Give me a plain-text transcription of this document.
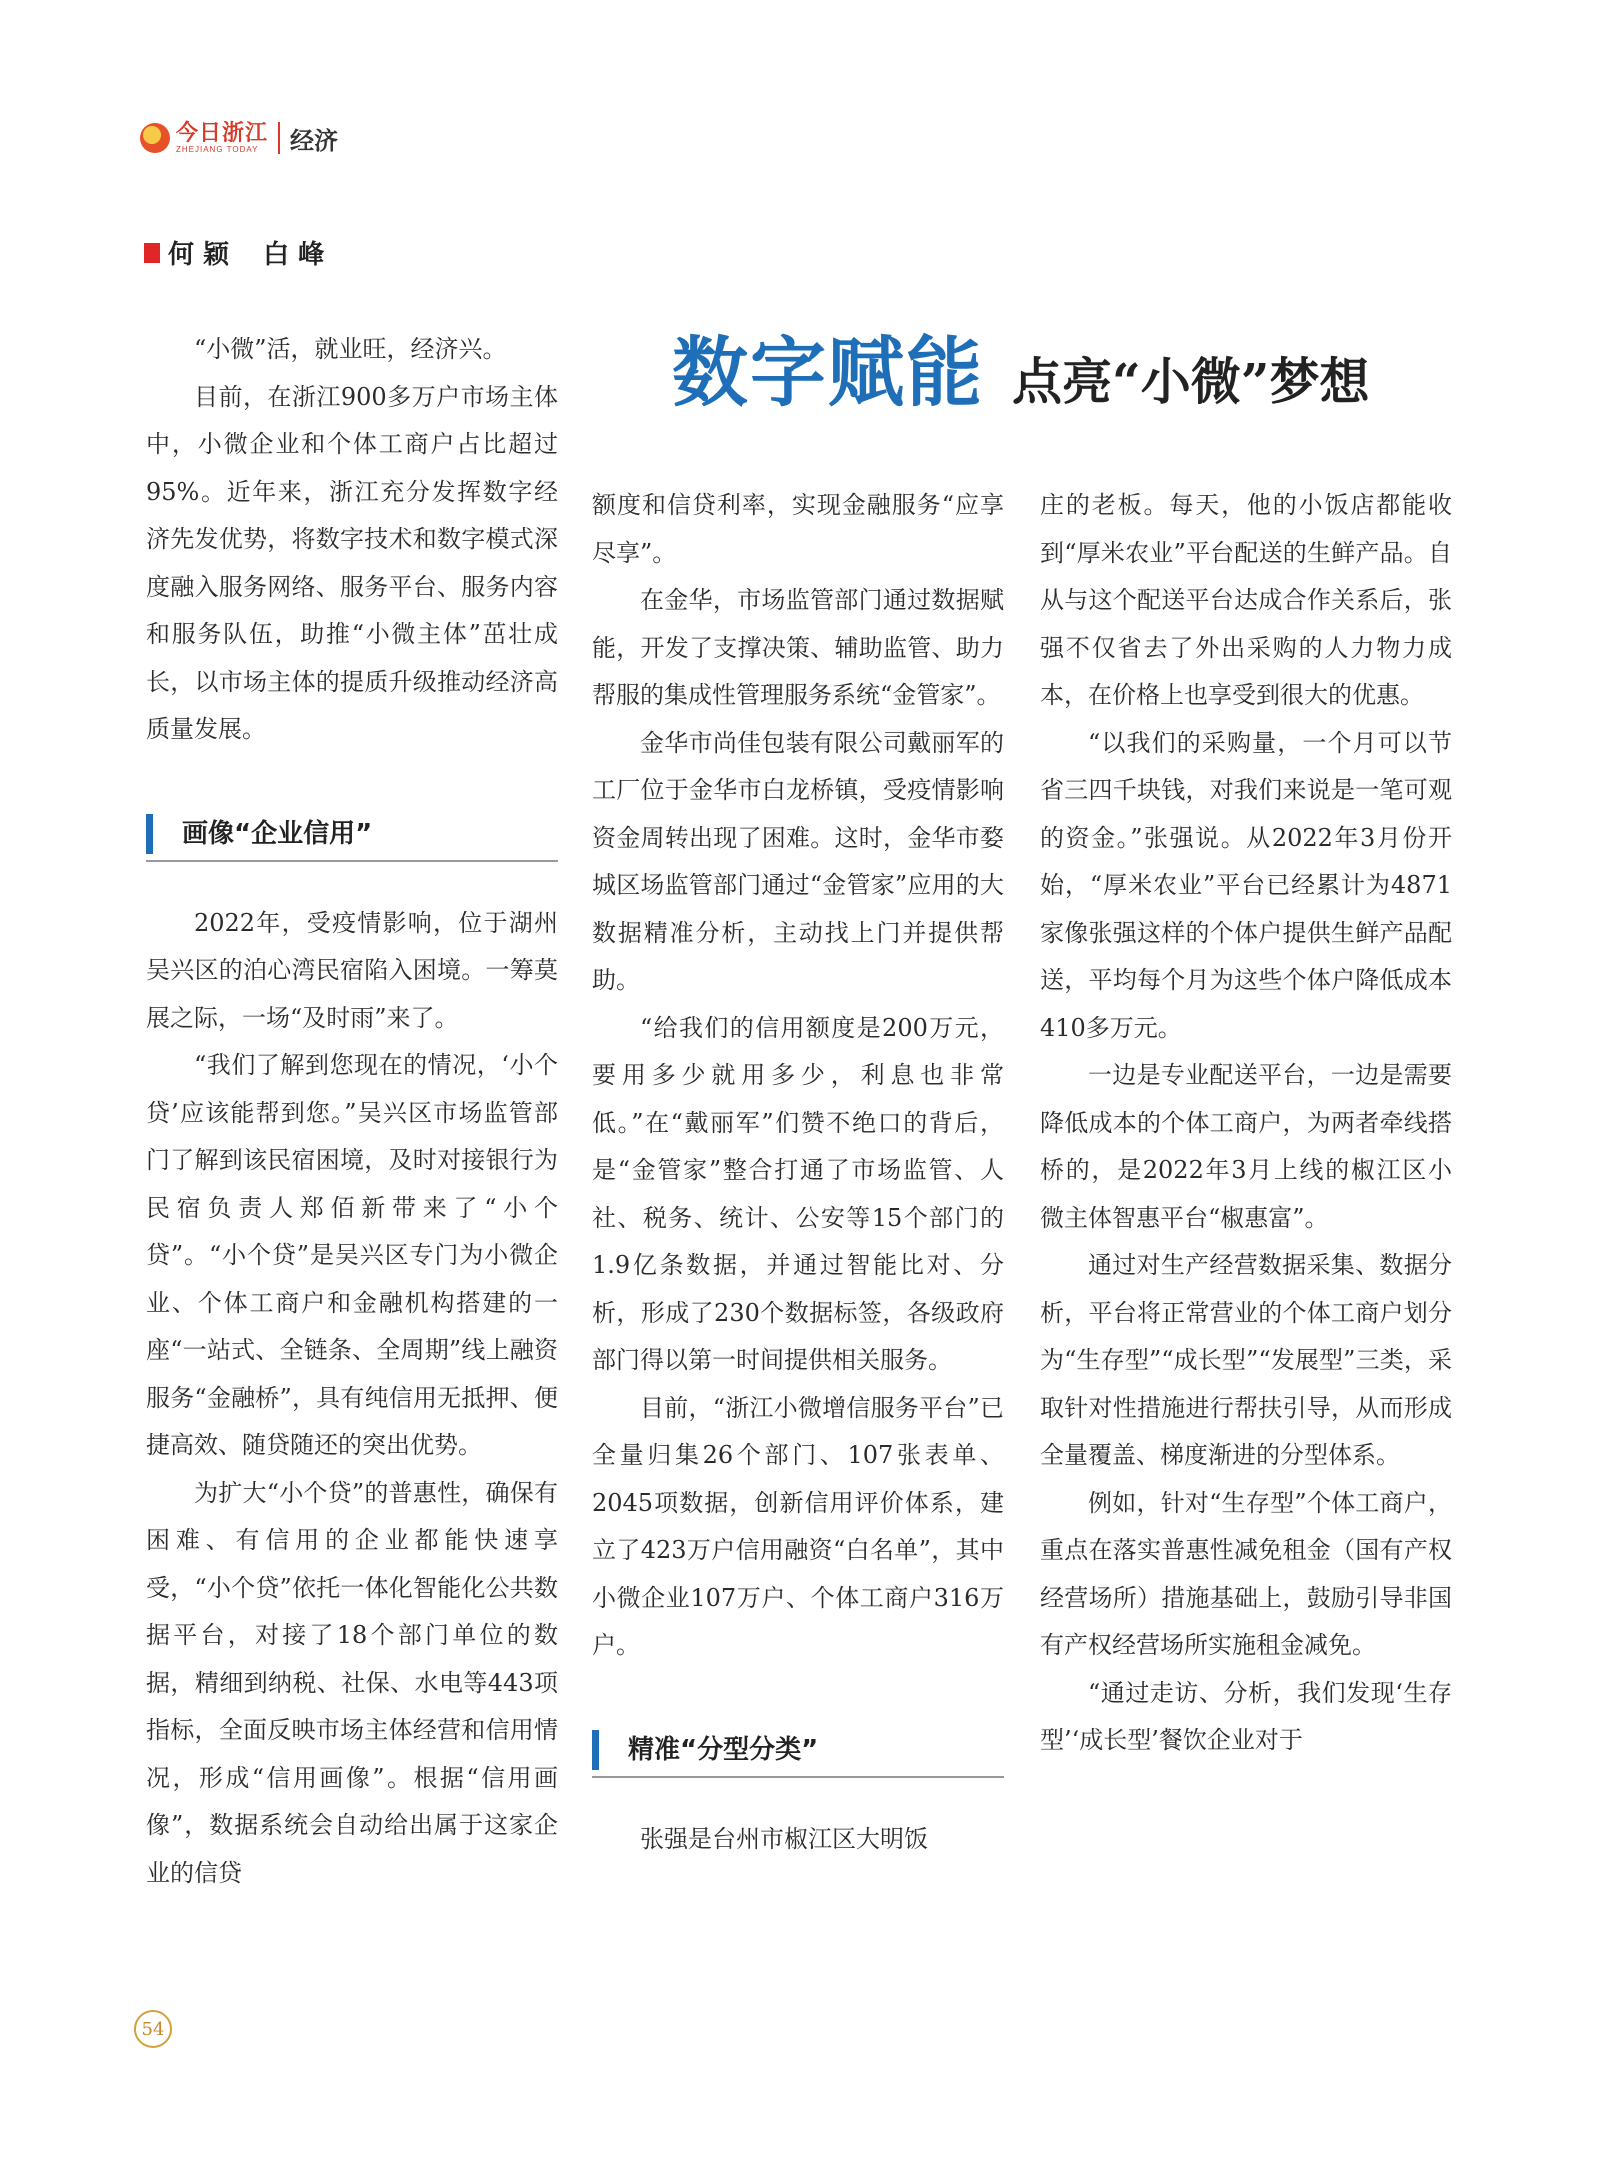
今日浙江
ZHEJIANG TODAY	经济
何 颖 白 峰
数字赋能 点亮“小微”梦想

“小微”活，就业旺，经济兴。

目前，在浙江900多万户市场主体中，小微企业和个体工商户占比超过95%。近年来，浙江充分发挥数字经济先发优势，将数字技术和数字模式深度融入服务网络、服务平台、服务内容和服务队伍，助推“小微主体”茁壮成长，以市场主体的提质升级推动经济高质量发展。

画像“企业信用”

2022年，受疫情影响，位于湖州吴兴区的泊心湾民宿陷入困境。一筹莫展之际，一场“及时雨”来了。

“我们了解到您现在的情况，‘小个贷’应该能帮到您。”吴兴区市场监管部门了解到该民宿困境，及时对接银行为民宿负责人郑佰新带来了“小个贷”。“小个贷”是吴兴区专门为小微企业、个体工商户和金融机构搭建的一座“一站式、全链条、全周期”线上融资服务“金融桥”，具有纯信用无抵押、便捷高效、随贷随还的突出优势。

为扩大“小个贷”的普惠性，确保有困难、有信用的企业都能快速享受，“小个贷”依托一体化智能化公共数据平台，对接了18个部门单位的数据，精细到纳税、社保、水电等443项指标，全面反映市场主体经营和信用情况，形成“信用画像”。根据“信用画像”，数据系统会自动给出属于这家企业的信贷

额度和信贷利率，实现金融服务“应享尽享”。

在金华，市场监管部门通过数据赋能，开发了支撑决策、辅助监管、助力帮服的集成性管理服务系统“金管家”。

金华市尚佳包装有限公司戴丽军的工厂位于金华市白龙桥镇，受疫情影响资金周转出现了困难。这时，金华市婺城区场监管部门通过“金管家”应用的大数据精准分析，主动找上门并提供帮助。

“给我们的信用额度是200万元，要用多少就用多少，利息也非常低。”在“戴丽军”们赞不绝口的背后，是“金管家”整合打通了市场监管、人社、税务、统计、公安等15个部门的1.9亿条数据，并通过智能比对、分析，形成了230个数据标签，各级政府部门得以第一时间提供相关服务。

目前，“浙江小微增信服务平台”已全量归集26个部门、107张表单、2045项数据，创新信用评价体系，建立了423万户信用融资“白名单”，其中小微企业107万户、个体工商户316万户。

精准“分型分类”

张强是台州市椒江区大明饭

庄的老板。每天，他的小饭店都能收到“厚米农业”平台配送的生鲜产品。自从与这个配送平台达成合作关系后，张强不仅省去了外出采购的人力物力成本，在价格上也享受到很大的优惠。

“以我们的采购量，一个月可以节省三四千块钱，对我们来说是一笔可观的资金。”张强说。从2022年3月份开始，“厚米农业”平台已经累计为4871家像张强这样的个体户提供生鲜产品配送，平均每个月为这些个体户降低成本410多万元。

一边是专业配送平台，一边是需要降低成本的个体工商户，为两者牵线搭桥的，是2022年3月上线的椒江区小微主体智惠平台“椒惠富”。

通过对生产经营数据采集、数据分析，平台将正常营业的个体工商户划分为“生存型”“成长型”“发展型”三类，采取针对性措施进行帮扶引导，从而形成全量覆盖、梯度渐进的分型体系。

例如，针对“生存型”个体工商户，重点在落实普惠性减免租金（国有产权经营场所）措施基础上，鼓励引导非国有产权经营场所实施租金减免。

“通过走访、分析，我们发现‘生存型’‘成长型’餐饮企业对于

54
